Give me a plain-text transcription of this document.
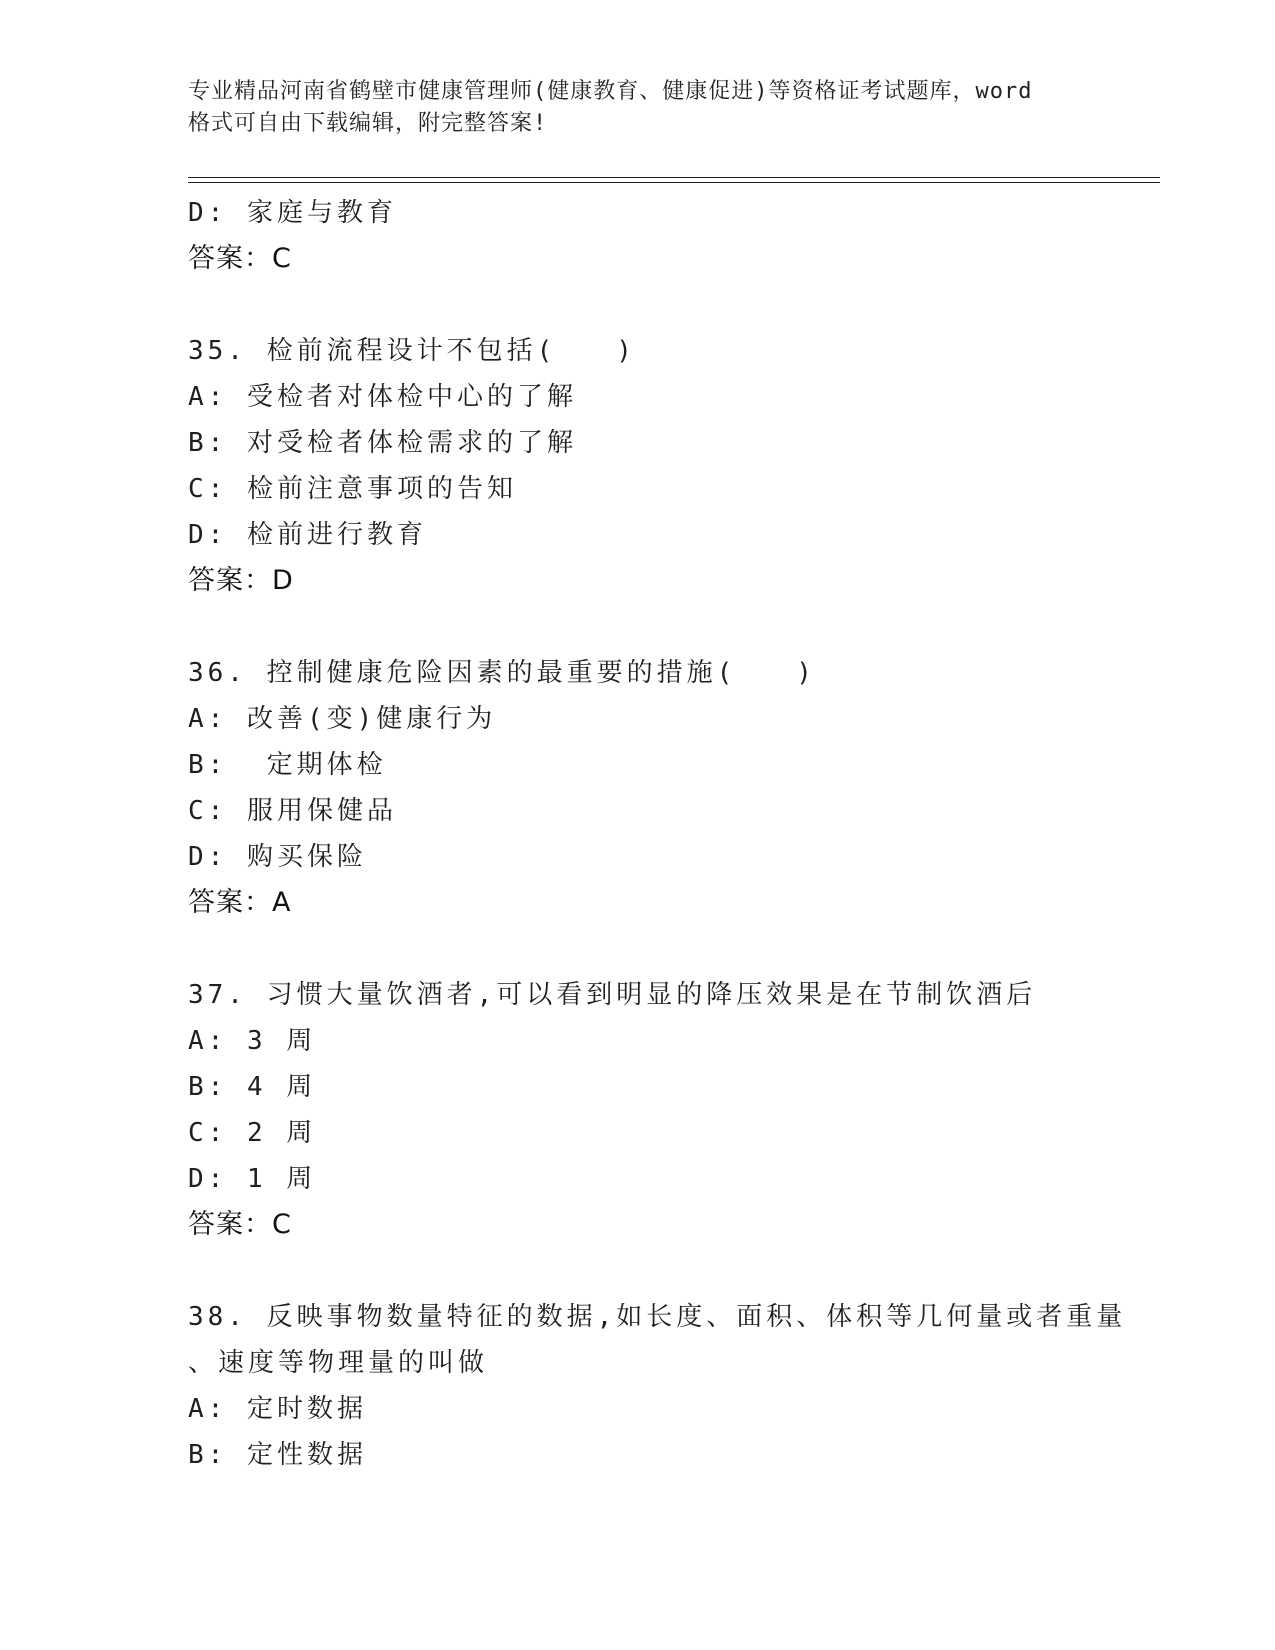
专业精品河南省鹤壁市健康管理师(健康教育、健康促进)等资格证考试题库，word
格式可自由下载编辑，附完整答案!
D: 家庭与教育
答案：C
35. 检前流程设计不包括(　　)
A: 受检者对体检中心的了解
B: 对受检者体检需求的了解
C: 检前注意事项的告知
D: 检前进行教育
答案：D
36. 控制健康危险因素的最重要的措施(　　)
A: 改善(变)健康行为
B:  定期体检
C: 服用保健品
D: 购买保险
答案：A
37. 习惯大量饮酒者,可以看到明显的降压效果是在节制饮酒后
A: 3 周
B: 4 周
C: 2 周
D: 1 周
答案：C
38. 反映事物数量特征的数据,如长度、面积、体积等几何量或者重量
、速度等物理量的叫做
A: 定时数据
B: 定性数据
